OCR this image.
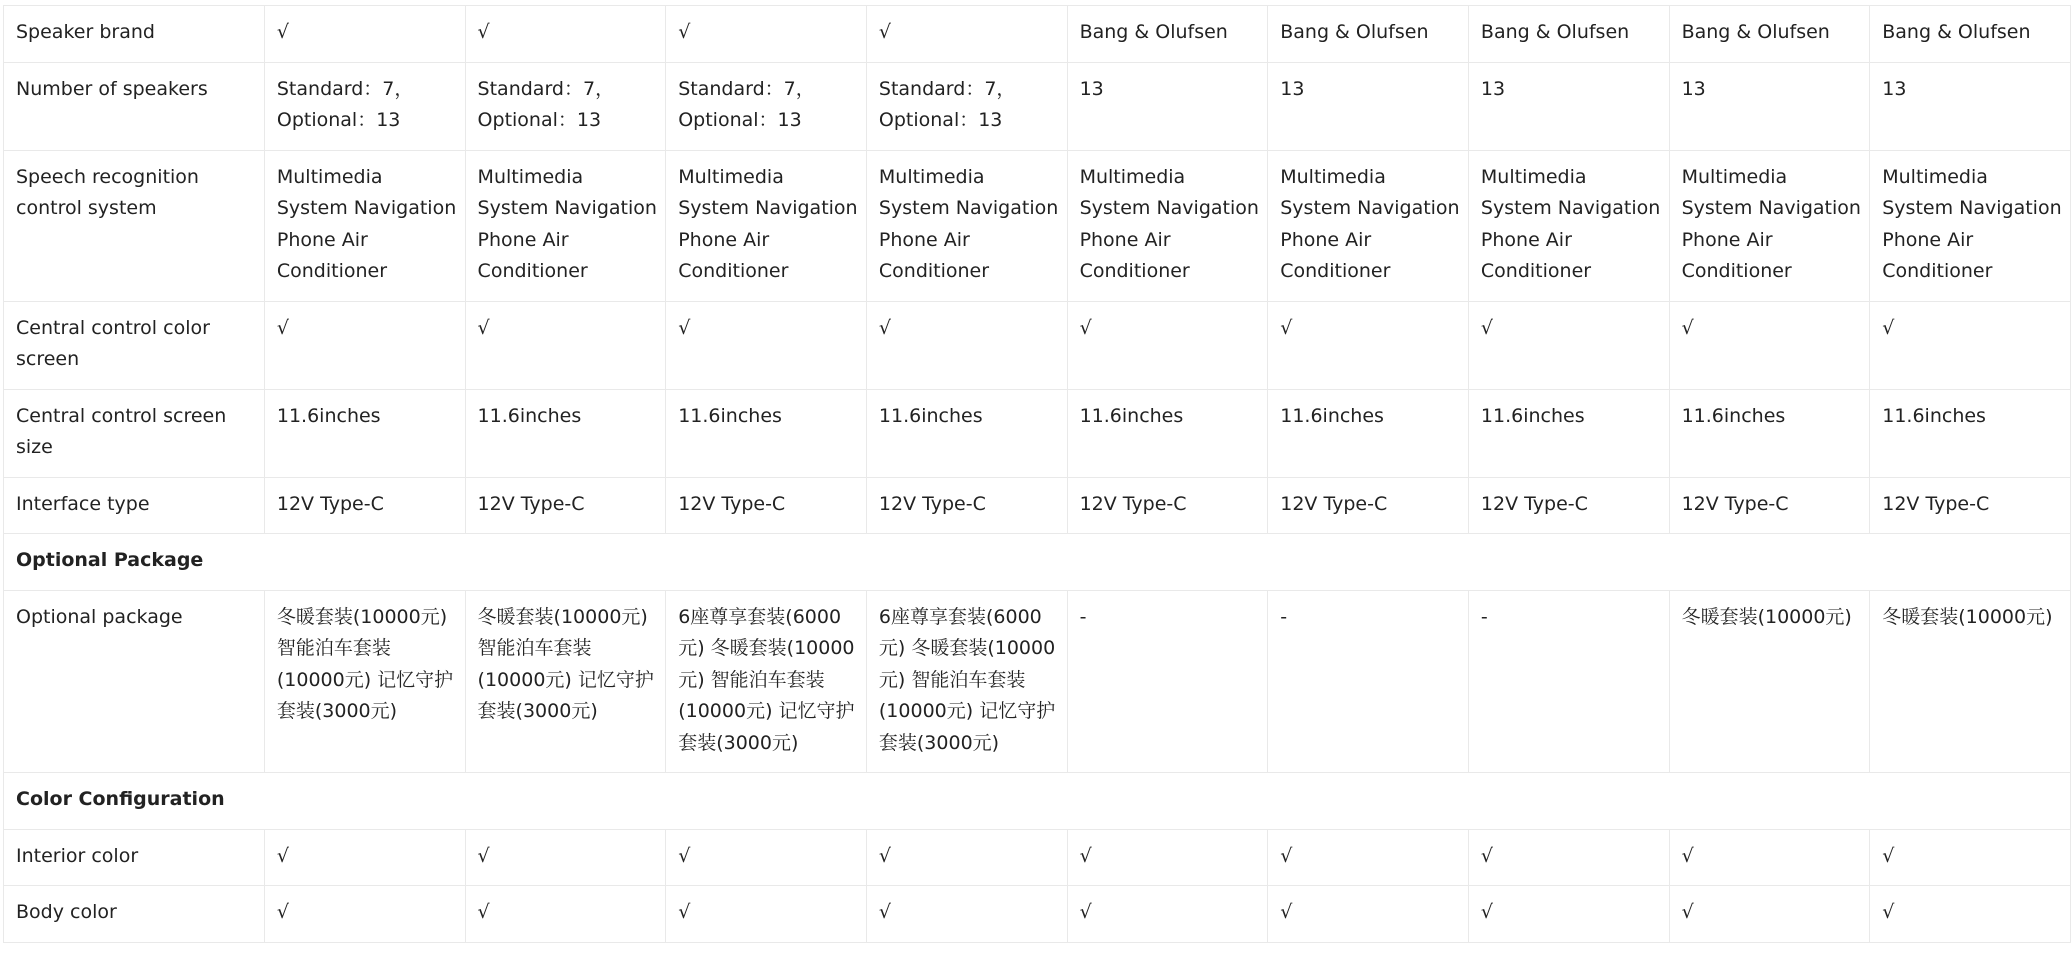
Speaker brand	√	√	√	√	Bang & Olufsen	Bang & Olufsen	Bang & Olufsen	Bang & Olufsen	Bang & Olufsen
Number of speakers	Standard：7，Optional：13	Standard：7，Optional：13	Standard：7，Optional：13	Standard：7，Optional：13	13	13	13	13	13
Speech recognition control system	Multimedia System Navigation Phone Air Conditioner	Multimedia System Navigation Phone Air Conditioner	Multimedia System Navigation Phone Air Conditioner	Multimedia System Navigation Phone Air Conditioner	Multimedia System Navigation Phone Air Conditioner	Multimedia System Navigation Phone Air Conditioner	Multimedia System Navigation Phone Air Conditioner	Multimedia System Navigation Phone Air Conditioner	Multimedia System Navigation Phone Air Conditioner
Central control color screen	√	√	√	√	√	√	√	√	√
Central control screen size	11.6inches	11.6inches	11.6inches	11.6inches	11.6inches	11.6inches	11.6inches	11.6inches	11.6inches
Interface type	12V Type-C	12V Type-C	12V Type-C	12V Type-C	12V Type-C	12V Type-C	12V Type-C	12V Type-C	12V Type-C
Optional Package									
Optional package	冬暖套装(10000元) 智能泊车套装(10000元) 记忆守护套装(3000元)	冬暖套装(10000元) 智能泊车套装(10000元) 记忆守护套装(3000元)	6座尊享套装(6000元) 冬暖套装(10000元) 智能泊车套装(10000元) 记忆守护套装(3000元)	6座尊享套装(6000元) 冬暖套装(10000元) 智能泊车套装(10000元) 记忆守护套装(3000元)	-	-	-	冬暖套装(10000元)	冬暖套装(10000元)
Color Configuration									
Interior color	√	√	√	√	√	√	√	√	√
Body color	√	√	√	√	√	√	√	√	√
